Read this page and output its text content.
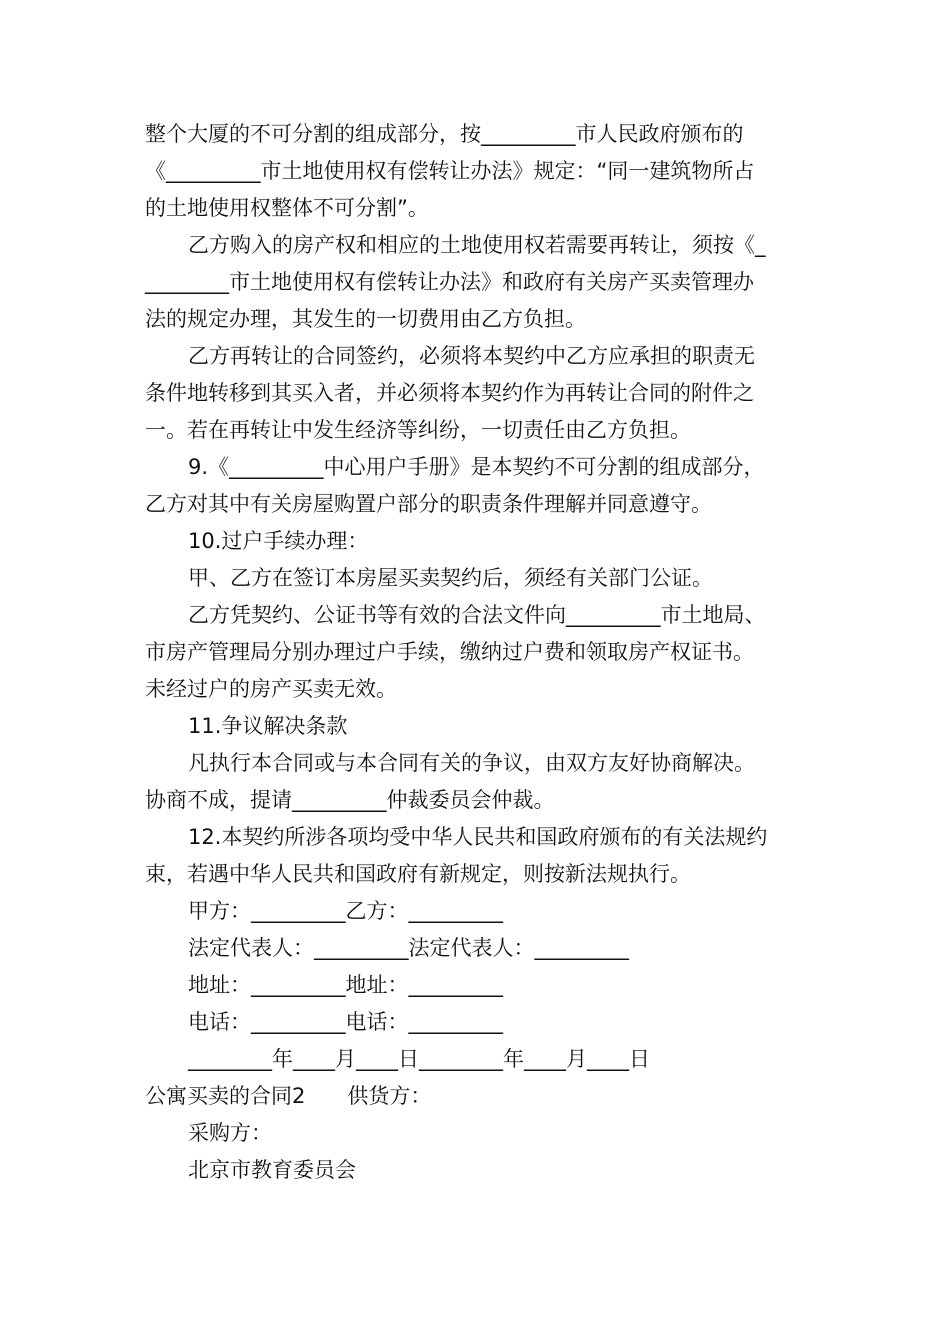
整个大厦的不可分割的组成部分，按_________市人民政府颁布的
《_________市土地使用权有偿转让办法》规定：“同一建筑物所占
的土地使用权整体不可分割”。
乙方购入的房产权和相应的土地使用权若需要再转让，须按《_
________市土地使用权有偿转让办法》和政府有关房产买卖管理办
法的规定办理，其发生的一切费用由乙方负担。
乙方再转让的合同签约，必须将本契约中乙方应承担的职责无
条件地转移到其买入者，并必须将本契约作为再转让合同的附件之
一。若在再转让中发生经济等纠纷，一切责任由乙方负担。
9.《_________中心用户手册》是本契约不可分割的组成部分，
乙方对其中有关房屋购置户部分的职责条件理解并同意遵守。
10.过户手续办理：
甲、乙方在签订本房屋买卖契约后，须经有关部门公证。
乙方凭契约、公证书等有效的合法文件向_________市土地局、
市房产管理局分别办理过户手续，缴纳过户费和领取房产权证书。
未经过户的房产买卖无效。
11.争议解决条款
凡执行本合同或与本合同有关的争议，由双方友好协商解决。
协商不成，提请_________仲裁委员会仲裁。
12.本契约所涉各项均受中华人民共和国政府颁布的有关法规约
束，若遇中华人民共和国政府有新规定，则按新法规执行。
甲方：_________乙方：_________
法定代表人：_________法定代表人：_________
地址：_________地址：_________
电话：_________电话：_________
________年____月____日________年____月____日
公寓买卖的合同2　　供货方：
采购方：
北京市教育委员会
